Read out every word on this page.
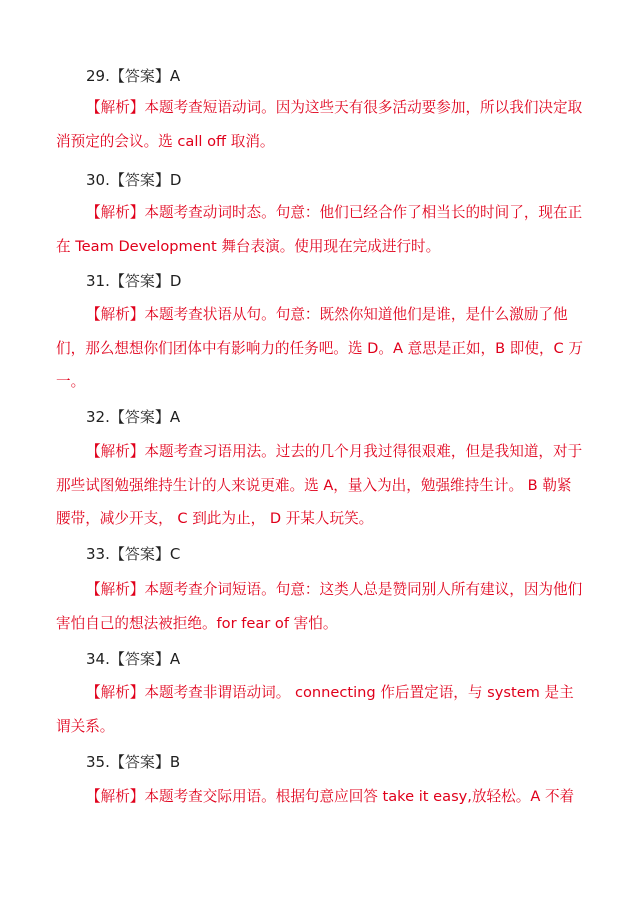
29.【答案】A

【解析】本题考查短语动词。因为这些天有很多活动要参加，所以我们决定取消预定的会议。选 call off 取消。

30.【答案】D

【解析】本题考查动词时态。句意：他们已经合作了相当长的时间了，现在正在 Team Development 舞台表演。使用现在完成进行时。

31.【答案】D

【解析】本题考查状语从句。句意：既然你知道他们是谁，是什么激励了他们，那么想想你们团体中有影响力的任务吧。选 D。A 意思是正如，B 即使，C 万一。

32.【答案】A

【解析】本题考查习语用法。过去的几个月我过得很艰难，但是我知道，对于那些试图勉强维持生计的人来说更难。选 A，量入为出，勉强维持生计。 B 勒紧腰带，减少开支， C 到此为止， D 开某人玩笑。

33.【答案】C

【解析】本题考查介词短语。句意：这类人总是赞同别人所有建议，因为他们害怕自己的想法被拒绝。for fear of 害怕。

34.【答案】A

【解析】本题考查非谓语动词。 connecting 作后置定语，与 system 是主谓关系。

35.【答案】B

【解析】本题考查交际用语。根据句意应回答 take it easy,放轻松。A 不着
